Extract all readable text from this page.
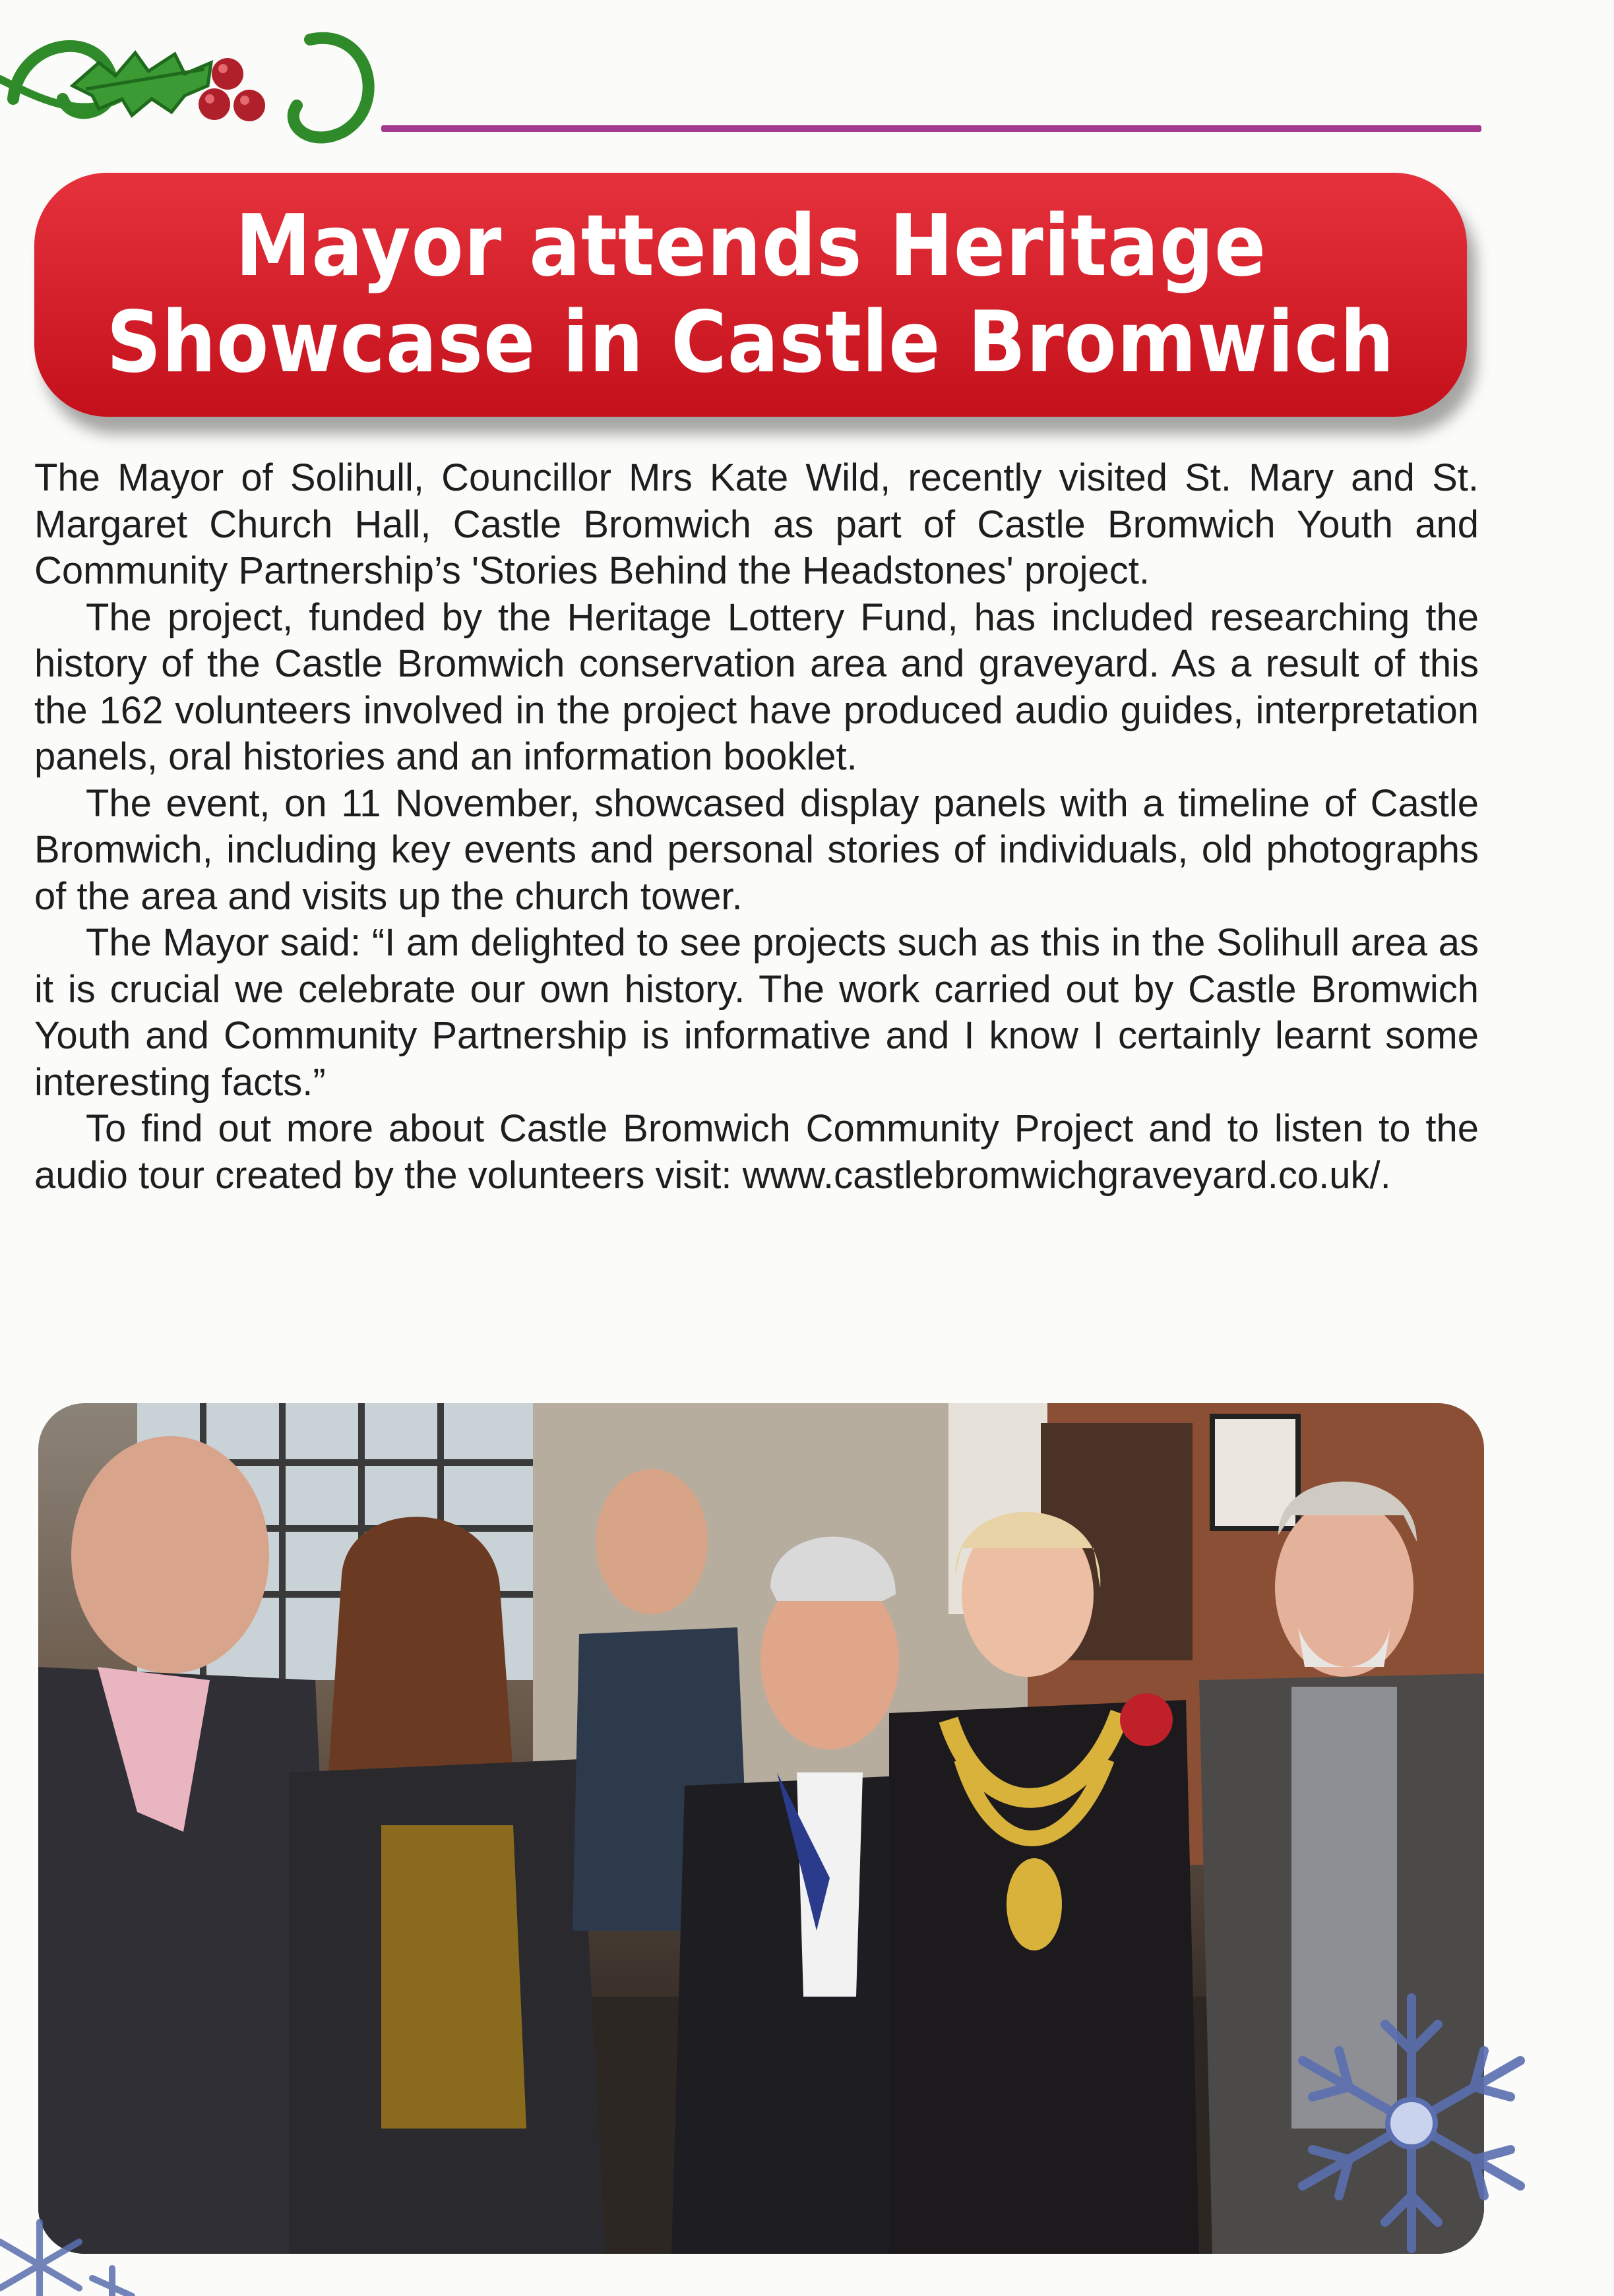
Mayor attends Heritage
Showcase in Castle Bromwich

The Mayor of Solihull, Councillor Mrs Kate Wild, recently visited St. Mary and St. Margaret Church Hall, Castle Bromwich as part of Castle Bromwich Youth and Community Partnership’s 'Stories Behind the Headstones' project.

The project, funded by the Heritage Lottery Fund, has included researching the history of the Castle Bromwich conservation area and graveyard. As a result of this the 162 volunteers involved in the project have produced audio guides, interpretation panels, oral histories and an information booklet.

The event, on 11 November, showcased display panels with a timeline of Castle Bromwich, including key events and personal stories of individuals, old photographs of the area and visits up the church tower.

The Mayor said: “I am delighted to see projects such as this in the Solihull area as it is crucial we celebrate our own history. The work carried out by Castle Bromwich Youth and Community Partnership is informative and I know I certainly learnt some interesting facts.”

To find out more about Castle Bromwich Community Project and to listen to the audio tour created by the volunteers visit: www.castlebromwichgraveyard.co.uk/.
